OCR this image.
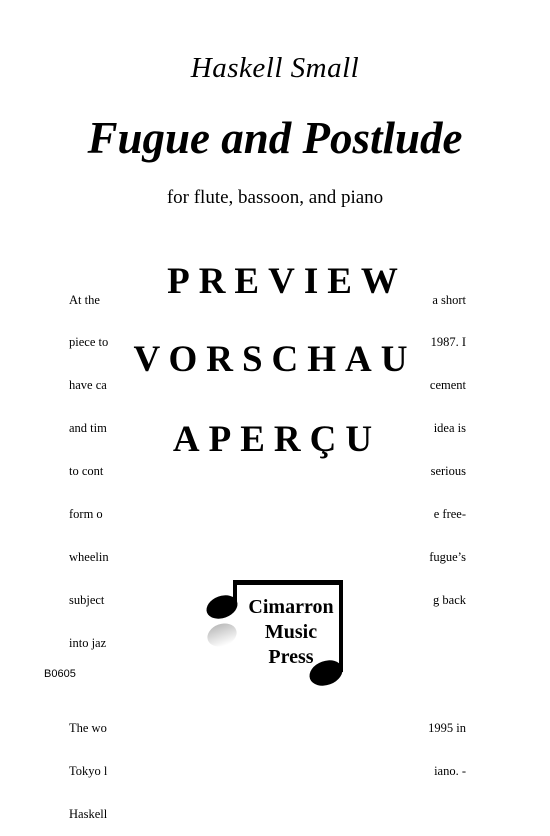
Haskell Small
Fugue and Postlude
for flute, bassoon, and piano

At the

piece to

have ca

and tim

to cont

form o

wheelin

subject

into jaz

The wo

Tokyo l

Haskell

a short

1987. I

cement

idea is

serious

e free-

fugue’s

g back

1995 in

iano. -

PREVIEW
VORSCHAU
APERÇU
Cimarron
Music
Press
B0605
